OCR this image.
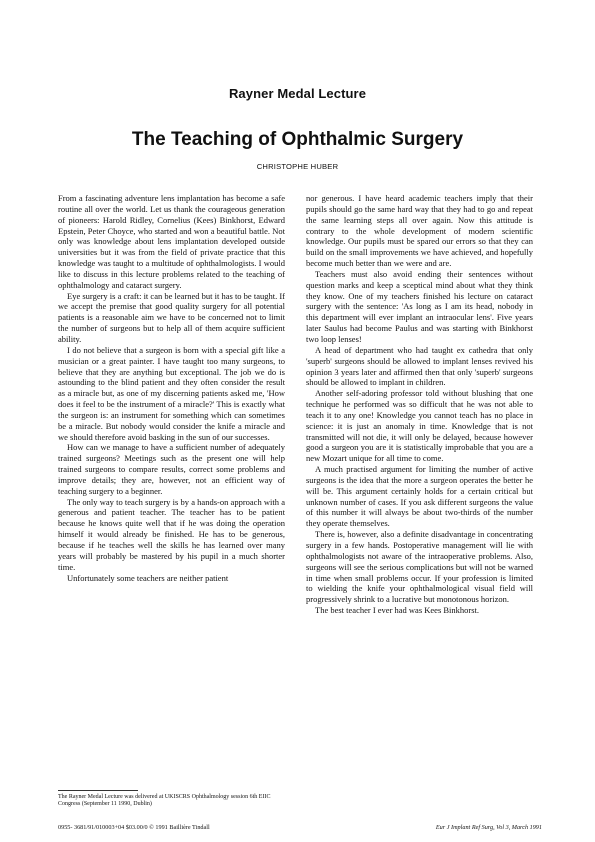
Rayner Medal Lecture
The Teaching of Ophthalmic Surgery
CHRISTOPHE HUBER

From a fascinating adventure lens implantation has become a safe routine all over the world. Let us thank the courageous generation of pioneers: Harold Ridley, Cornelius (Kees) Binkhorst, Edward Epstein, Peter Choyce, who started and won a beautiful battle. Not only was knowledge about lens implantation developed outside universities but it was from the field of private practice that this knowledge was taught to a multitude of ophthalmologists. I would like to discuss in this lecture problems related to the teaching of ophthalmology and cataract surgery.

Eye surgery is a craft: it can be learned but it has to be taught. If we accept the premise that good quality surgery for all potential patients is a reasonable aim we have to be concerned not to limit the number of surgeons but to help all of them acquire sufficient ability.

I do not believe that a surgeon is born with a special gift like a musician or a great painter. I have taught too many surgeons, to believe that they are anything but exceptional. The job we do is astounding to the blind patient and they often consider the result as a miracle but, as one of my discerning patients asked me, 'How does it feel to be the instrument of a miracle?' This is exactly what the surgeon is: an instrument for something which can sometimes be a miracle. But nobody would consider the knife a miracle and we should therefore avoid basking in the sun of our successes.

How can we manage to have a sufficient number of adequately trained surgeons? Meetings such as the present one will help trained surgeons to compare results, correct some problems and improve details; they are, however, not an efficient way of teaching surgery to a beginner.

The only way to teach surgery is by a hands-on approach with a generous and patient teacher. The teacher has to be patient because he knows quite well that if he was doing the operation himself it would already be finished. He has to be generous, because if he teaches well the skills he has learned over many years will probably be mastered by his pupil in a much shorter time.

Unfortunately some teachers are neither patient

nor generous. I have heard academic teachers imply that their pupils should go the same hard way that they had to go and repeat the same learning steps all over again. Now this attitude is contrary to the whole development of modern scientific knowledge. Our pupils must be spared our errors so that they can build on the small improvements we have achieved, and hopefully become much better than we were and are.

Teachers must also avoid ending their sentences without question marks and keep a sceptical mind about what they think they know. One of my teachers finished his lecture on cataract surgery with the sentence: 'As long as I am its head, nobody in this department will ever implant an intraocular lens'. Five years later Saulus had become Paulus and was starting with Binkhorst two loop lenses!

A head of department who had taught ex cathedra that only 'superb' surgeons should be allowed to implant lenses revived his opinion 3 years later and affirmed then that only 'superb' surgeons should be allowed to implant in children.

Another self-adoring professor told without blushing that one technique he performed was so difficult that he was not able to teach it to any one! Knowledge you cannot teach has no place in science: it is just an anomaly in time. Knowledge that is not transmitted will not die, it will only be delayed, because however good a surgeon you are it is statistically improbable that you are a new Mozart unique for all time to come.

A much practised argument for limiting the number of active surgeons is the idea that the more a surgeon operates the better he will be. This argument certainly holds for a certain critical but unknown number of cases. If you ask different surgeons the value of this number it will always be about two-thirds of the number they operate themselves.

There is, however, also a definite disadvantage in concentrating surgery in a few hands. Postoperative management will lie with ophthalmologists not aware of the intraoperative problems. Also, surgeons will see the serious complications but will not be warned in time when small problems occur. If your profession is limited to wielding the knife your ophthalmological visual field will progressively shrink to a lucrative but monotonous horizon.

The best teacher I ever had was Kees Binkhorst.

The Rayner Medal Lecture was delivered at UKISCRS Ophthalmology session 6th EIIC Congress (September 11 1990, Dublin)
0955- 3681/91/010003+04 $03.00/0 © 1991 Baillière Tindall	Eur J Implant Ref Surg, Vol 3, March 1991
